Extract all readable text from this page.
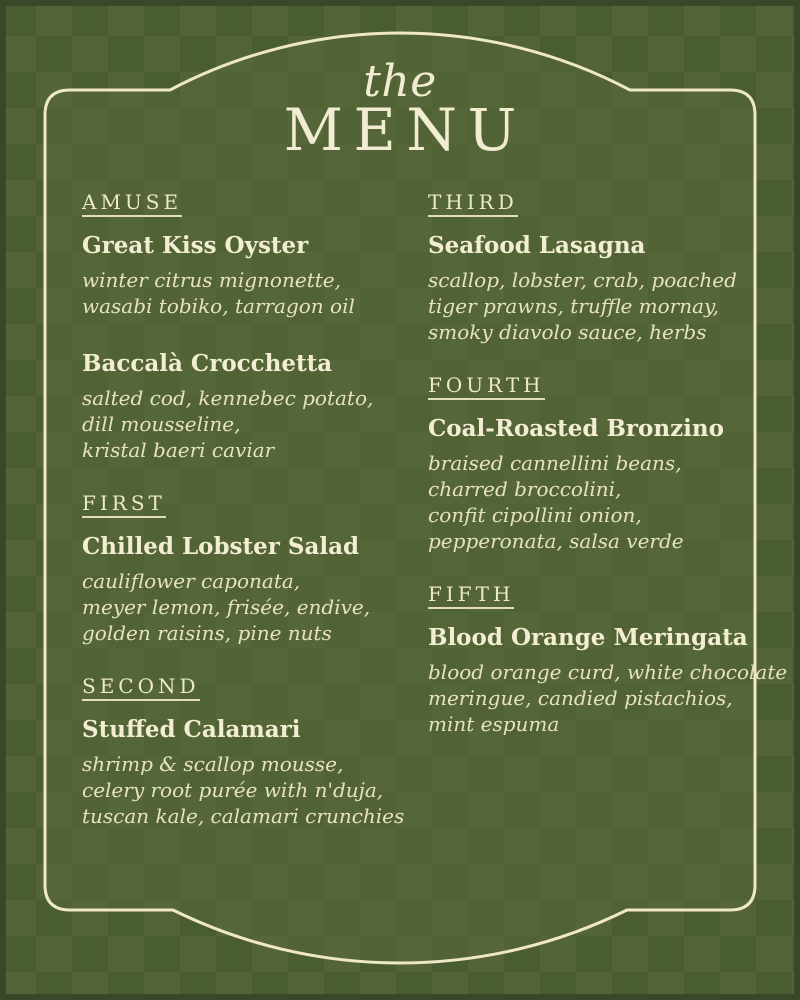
the
MENU
AMUSE
Great Kiss Oyster
winter citrus mignonette,
wasabi tobiko, tarragon oil
Baccalà Crocchetta
salted cod, kennebec potato,
dill mousseline,
kristal baeri caviar
FIRST
Chilled Lobster Salad
cauliflower caponata,
meyer lemon, frisée, endive,
golden raisins, pine nuts
SECOND
Stuffed Calamari
shrimp & scallop mousse,
celery root purée with n'duja,
tuscan kale, calamari crunchies
THIRD
Seafood Lasagna
scallop, lobster, crab, poached
tiger prawns, truffle mornay,
smoky diavolo sauce, herbs
FOURTH
Coal-Roasted Bronzino
braised cannellini beans,
charred broccolini,
confit cipollini onion,
pepperonata, salsa verde
FIFTH
Blood Orange Meringata
blood orange curd, white chocolate
meringue, candied pistachios,
mint espuma
